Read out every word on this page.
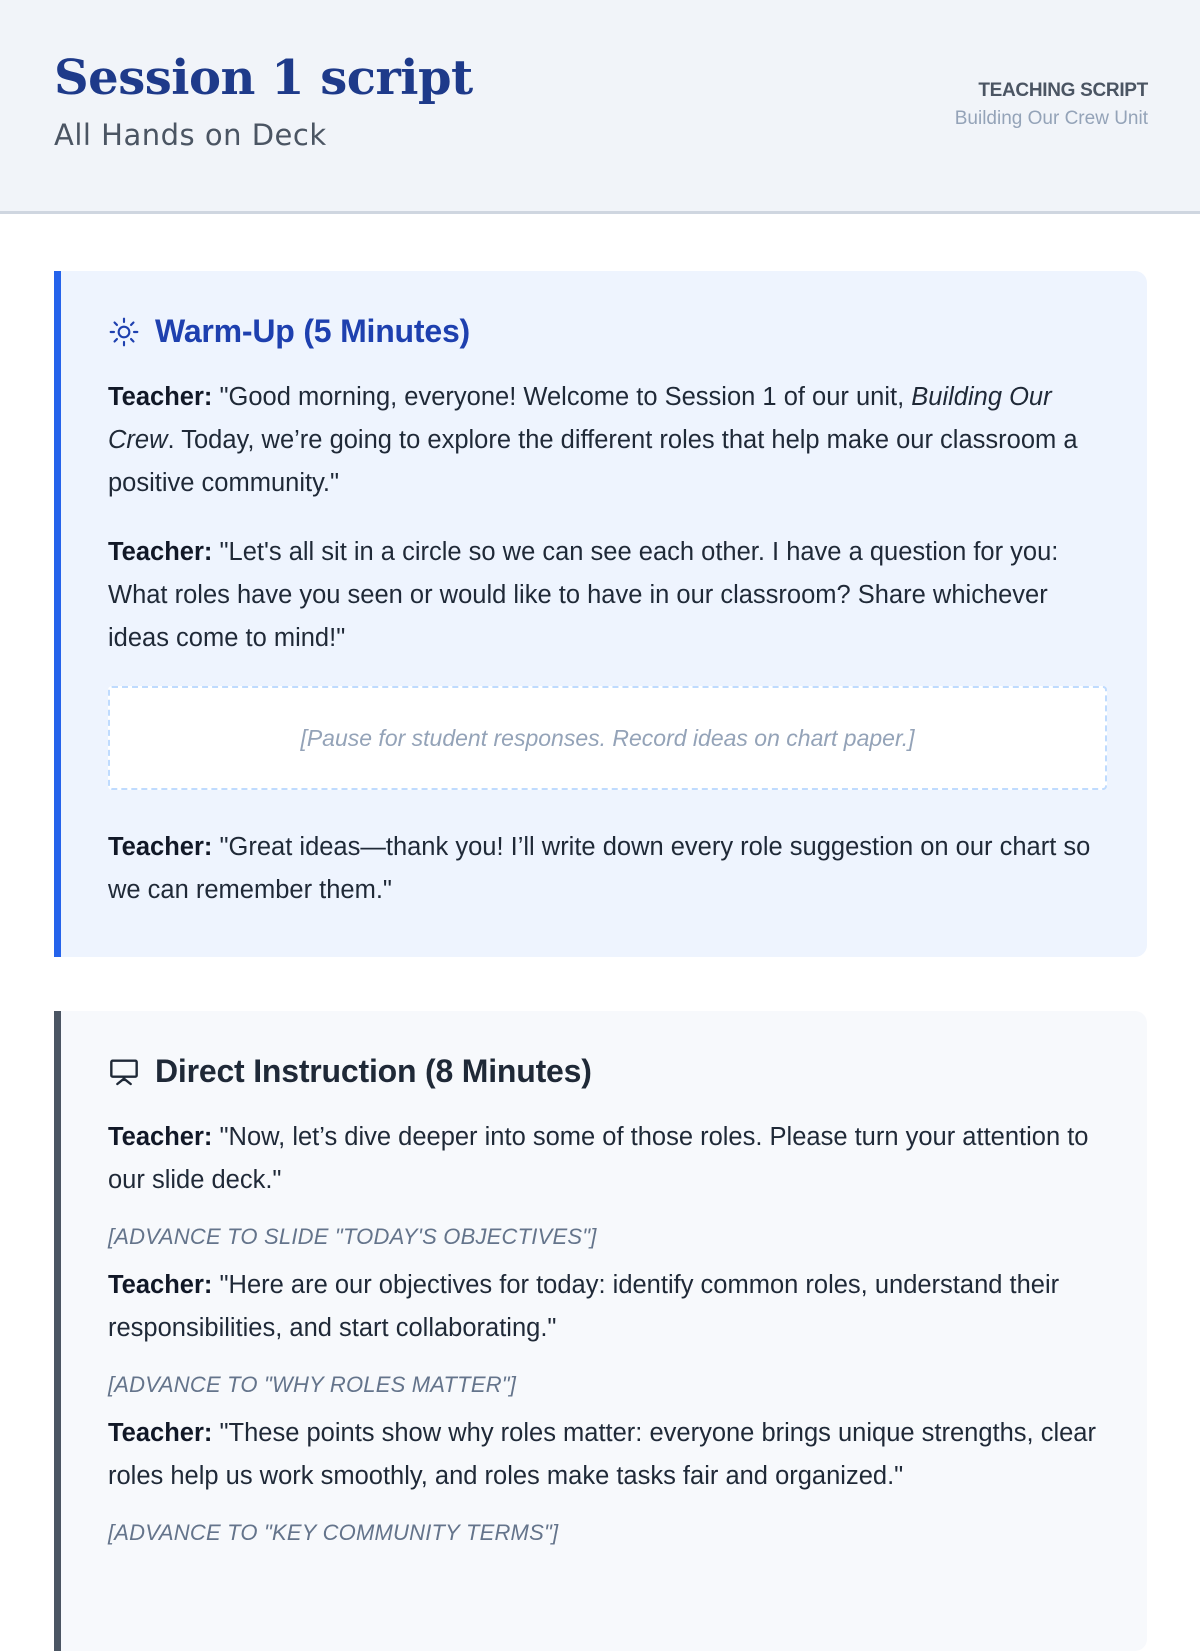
Session 1 script
All Hands on Deck
TEACHING SCRIPT
Building Our Crew Unit
Warm-Up (5 Minutes)

Teacher: "Good morning, everyone! Welcome to Session 1 of our unit, Building Our Crew. Today, we’re going to explore the different roles that help make our classroom a positive community."

Teacher: "Let's all sit in a circle so we can see each other. I have a question for you: What roles have you seen or would like to have in our classroom? Share whichever ideas come to mind!"

[Pause for student responses. Record ideas on chart paper.]

Teacher: "Great ideas—thank you! I’ll write down every role suggestion on our chart so we can remember them."

Direct Instruction (8 Minutes)

Teacher: "Now, let’s dive deeper into some of those roles. Please turn your attention to our slide deck."

[ADVANCE TO SLIDE "TODAY'S OBJECTIVES"]

Teacher: "Here are our objectives for today: identify common roles, understand their responsibilities, and start collaborating."

[ADVANCE TO "WHY ROLES MATTER"]

Teacher: "These points show why roles matter: everyone brings unique strengths, clear roles help us work smoothly, and roles make tasks fair and organized."

[ADVANCE TO "KEY COMMUNITY TERMS"]
